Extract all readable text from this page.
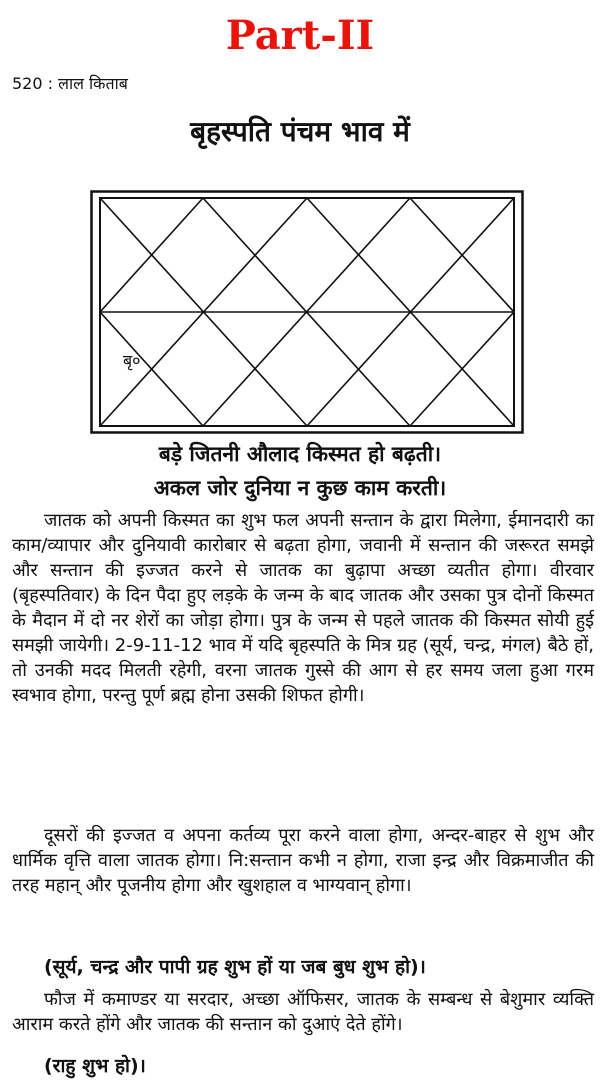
Part-II
520 : लाल किताब
बृहस्पति पंचम भाव में
बृ०
बड़े जितनी औलाद किस्मत हो बढ़ती।
अकल जोर दुनिया न कुछ काम करती।

जातक को अपनी किस्मत का शुभ फल अपनी सन्तान के द्वारा मिलेगा, ईमानदारी का काम/व्यापार और दुनियावी कारोबार से बढ़ता होगा, जवानी में सन्तान की जरूरत समझे और सन्तान की इज्जत करने से जातक का बुढ़ापा अच्छा व्यतीत होगा। वीरवार (बृहस्पतिवार) के दिन पैदा हुए लड़के के जन्म के बाद जातक और उसका पुत्र दोनों किस्मत के मैदान में दो नर शेरों का जोड़ा होगा। पुत्र के जन्म से पहले जातक की किस्मत सोयी हुई समझी जायेगी। 2-9-11-12 भाव में यदि बृहस्पति के मित्र ग्रह (सूर्य, चन्द्र, मंगल) बैठे हों, तो उनकी मदद मिलती रहेगी, वरना जातक गुस्से की आग से हर समय जला हुआ गरम स्वभाव होगा, परन्तु पूर्ण ब्रह्म होना उसकी शिफत होगी।

दूसरों की इज्जत व अपना कर्तव्य पूरा करने वाला होगा, अन्दर-बाहर से शुभ और धार्मिक वृत्ति वाला जातक होगा। नि:सन्तान कभी न होगा, राजा इन्द्र और विक्रमाजीत की तरह महान् और पूजनीय होगा और खुशहाल व भाग्यवान् होगा।

(सूर्य, चन्द्र और पापी ग्रह शुभ हों या जब बुध शुभ हो)।

फौज में कमाण्डर या सरदार, अच्छा ऑफिसर, जातक के सम्बन्ध से बेशुमार व्यक्ति आराम करते होंगे और जातक की सन्तान को दुआएं देते होंगे।

(राहु शुभ हो)।
